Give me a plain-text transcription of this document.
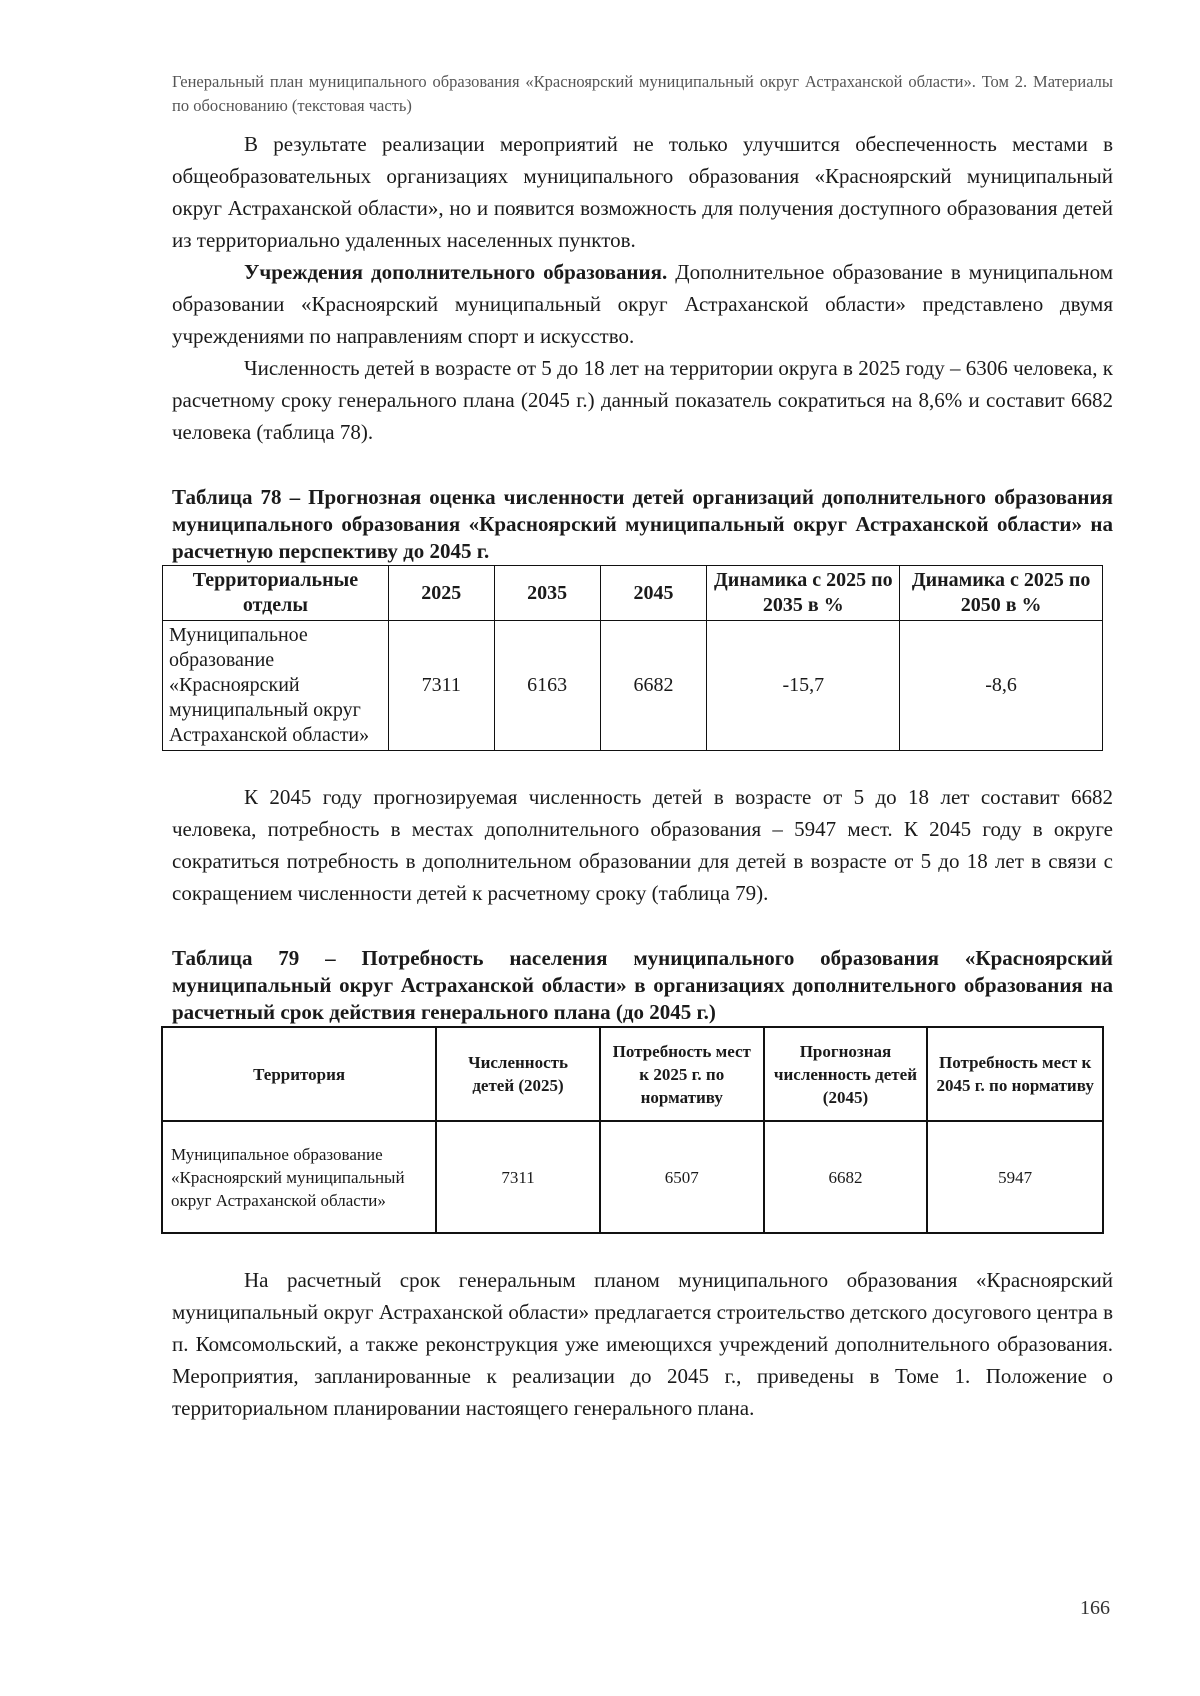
Генеральный план муниципального образования «Красноярский муниципальный округ Астраханской области». Том 2. Материалы по обоснованию (текстовая часть)

В результате реализации мероприятий не только улучшится обеспеченность местами в общеобразовательных организациях муниципального образования «Красноярский муниципальный округ Астраханской области», но и появится возможность для получения доступного образования детей из территориально удаленных населенных пунктов.

Учреждения дополнительного образования. Дополнительное образование в муниципальном образовании «Красноярский муниципальный округ Астраханской области» представлено двумя учреждениями по направлениям спорт и искусство.

Численность детей в возрасте от 5 до 18 лет на территории округа в 2025 году – 6306 человека, к расчетному сроку генерального плана (2045 г.) данный показатель сократиться на 8,6% и составит 6682 человека (таблица 78).

Таблица 78 – Прогнозная оценка численности детей организаций дополнительного образования муниципального образования «Красноярский муниципальный округ Астраханской области» на расчетную перспективу до 2045 г.

Территориальные отделы	2025	2035	2045	Динамика с 2025 по 2035 в %	Динамика с 2025 по 2050 в %
Муниципальное образование «Красноярский муниципальный округ Астраханской области»	7311	6163	6682	-15,7	-8,6

К 2045 году прогнозируемая численность детей в возрасте от 5 до 18 лет составит 6682 человека, потребность в местах дополнительного образования – 5947 мест. К 2045 году в округе сократиться потребность в дополнительном образовании для детей в возрасте от 5 до 18 лет в связи с сокращением численности детей к расчетному сроку (таблица 79).

Таблица 79 – Потребность населения муниципального образования «Красноярский муниципальный округ Астраханской области» в организациях дополнительного образования на расчетный срок действия генерального плана (до 2045 г.)

Территория	Численность детей (2025)	Потребность мест к 2025 г. по нормативу	Прогнозная численность детей (2045)	Потребность мест к 2045 г. по нормативу
Муниципальное образование «Красноярский муниципальный округ Астраханской области»	7311	6507	6682	5947

На расчетный срок генеральным планом муниципального образования «Красноярский муниципальный округ Астраханской области» предлагается строительство детского досугового центра в п. Комсомольский, а также реконструкция уже имеющихся учреждений дополнительного образования. Мероприятия, запланированные к реализации до 2045 г., приведены в Томе 1. Положение о территориальном планировании настоящего генерального плана.

166
